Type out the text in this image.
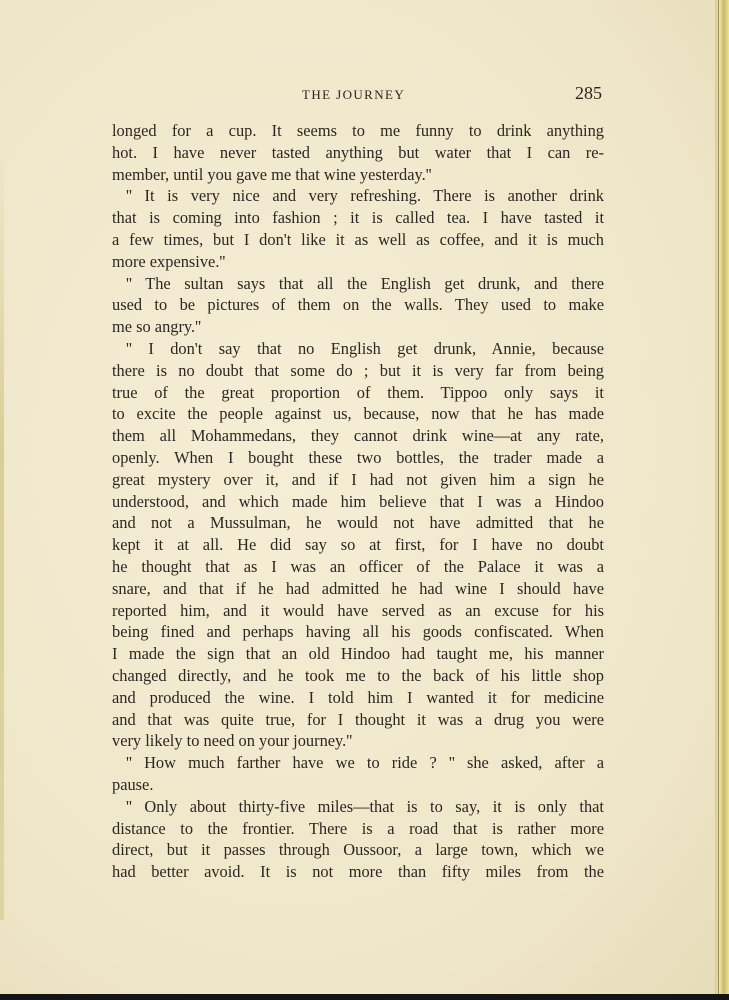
THE JOURNEY	285
longed for a cup. It seems to me funny to drink anything
hot. I have never tasted anything but water that I can re-
member, until you gave me that wine yesterday.''
'' It is very nice and very refreshing. There is another drink
that is coming into fashion ; it is called tea. I have tasted it
a few times, but I don't like it as well as coffee, and it is much
more expensive.''
'' The sultan says that all the English get drunk, and there
used to be pictures of them on the walls. They used to make
me so angry.''
'' I don't say that no English get drunk, Annie, because
there is no doubt that some do ; but it is very far from being
true of the great proportion of them. Tippoo only says it
to excite the people against us, because, now that he has made
them all Mohammedans, they cannot drink wine—at any rate,
openly. When I bought these two bottles, the trader made a
great mystery over it, and if I had not given him a sign he
understood, and which made him believe that I was a Hindoo
and not a Mussulman, he would not have admitted that he
kept it at all. He did say so at first, for I have no doubt
he thought that as I was an officer of the Palace it was a
snare, and that if he had admitted he had wine I should have
reported him, and it would have served as an excuse for his
being fined and perhaps having all his goods confiscated. When
I made the sign that an old Hindoo had taught me, his manner
changed directly, and he took me to the back of his little shop
and produced the wine. I told him I wanted it for medicine
and that was quite true, for I thought it was a drug you were
very likely to need on your journey.''
'' How much farther have we to ride ? '' she asked, after a
pause.
'' Only about thirty-five miles—that is to say, it is only that
distance to the frontier. There is a road that is rather more
direct, but it passes through Oussoor, a large town, which we
had better avoid. It is not more than fifty miles from the
